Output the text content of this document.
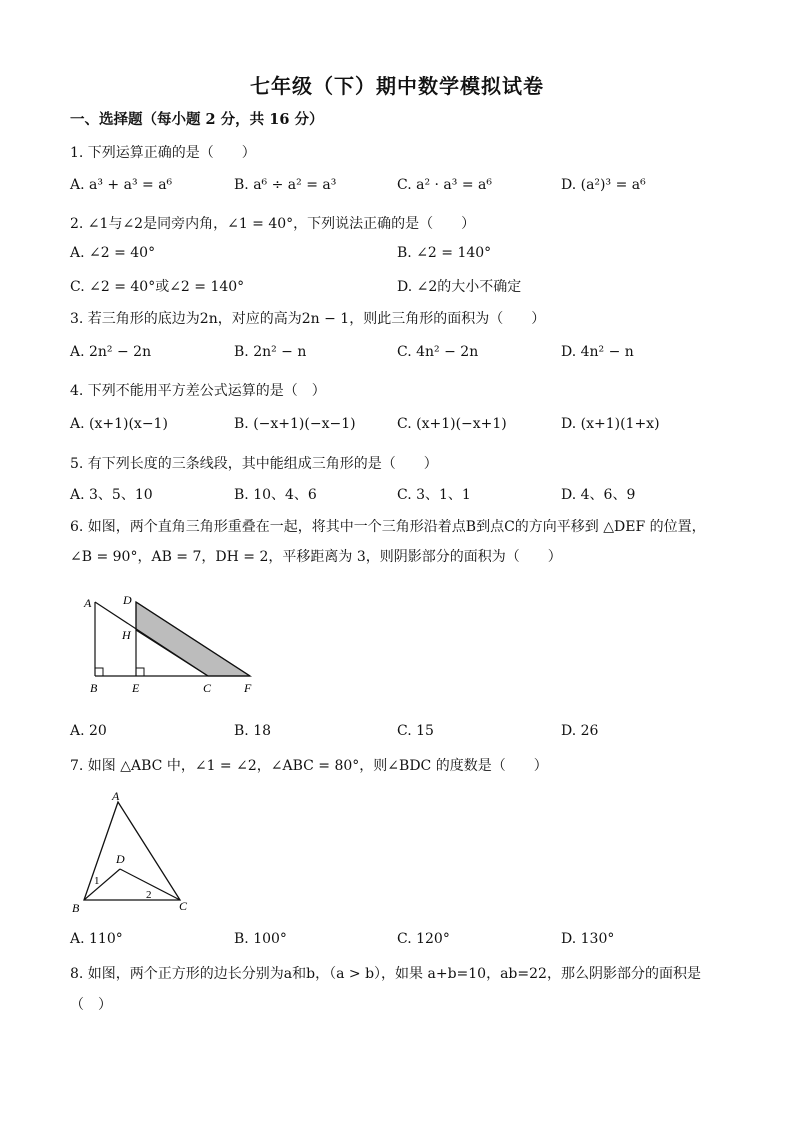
七年级（下）期中数学模拟试卷
一、选择题（每小题 2 分，共 16 分）
1. 下列运算正确的是（　　）
A. a³ + a³ = a⁶	B. a⁶ ÷ a² = a³	C. a² · a³ = a⁶	D. (a²)³ = a⁶
2. ∠1与∠2是同旁内角，∠1 = 40°，下列说法正确的是（　　）
A. ∠2 = 40°	B. ∠2 = 140°
C. ∠2 = 40°或∠2 = 140°	D. ∠2的大小不确定
3. 若三角形的底边为2n，对应的高为2n − 1，则此三角形的面积为（　　）
A. 2n² − 2n	B. 2n² − n	C. 4n² − 2n	D. 4n² − n
4. 下列不能用平方差公式运算的是（　）
A. (x+1)(x−1)	B. (−x+1)(−x−1)	C. (x+1)(−x+1)	D. (x+1)(1+x)
5. 有下列长度的三条线段，其中能组成三角形的是（　　）
A. 3、5、10	B. 10、4、6	C. 3、1、1	D. 4、6、9
6. 如图，两个直角三角形重叠在一起，将其中一个三角形沿着点B到点C的方向平移到 △DEF 的位置，
∠B = 90°，AB = 7，DH = 2，平移距离为 3，则阴影部分的面积为（　　）
A	D
H
B	E	C	F
A. 20	B. 18	C. 15	D. 26
7. 如图 △ABC 中，∠1 = ∠2，∠ABC = 80°，则∠BDC 的度数是（　　）
A
D
1
2
B	C
A. 110°	B. 100°	C. 120°	D. 130°
8. 如图，两个正方形的边长分别为a和b，（a > b），如果 a+b=10，ab=22，那么阴影部分的面积是
（　）
